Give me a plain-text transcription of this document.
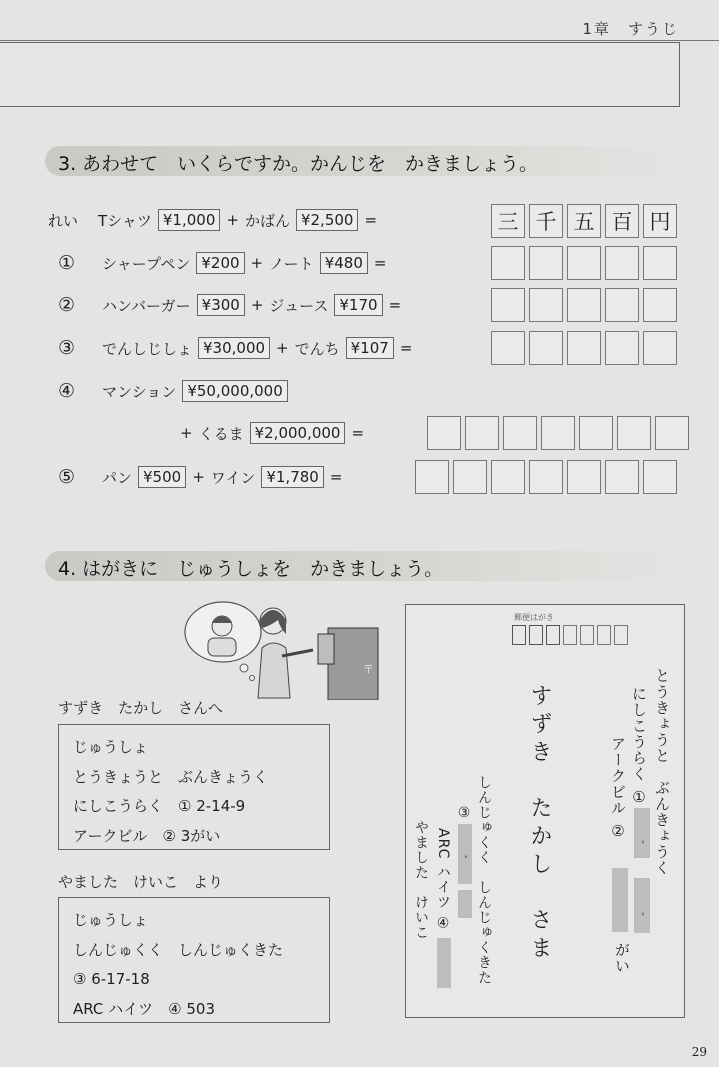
1章　すうじ
3. あわせて　いくらですか。かんじを　かきましょう。
れい	Tシャツ ¥1,000 + かばん ¥2,500 =	三 千 五 百 円
①	シャープペン ¥200 + ノート ¥480 =
②	ハンバーガー ¥300 + ジュース ¥170 =
③	でんしじしょ ¥30,000 + でんち ¥107 =
④	マンション ¥50,000,000
+ くるま ¥2,000,000 =
⑤	パン ¥500 + ワイン ¥1,780 =
4. はがきに　じゅうしょを　かきましょう。
〒
すずき　たかし　さんへ
じゅうしょ
とうきょうと　ぶんきょうく
にしこうらく　① 2-14-9
アークビル　② 3がい
やました　けいこ　より
じゅうしょ
しんじゅくく　しんじゅくきた
③ 6-17-18
ARC ハイツ　④ 503
郵便はがき
とうきょうと　ぶんきょうく
にしこうらく ①
-
-
アークビル ②
がい
すずき　たかし　さま
しんじゅくく　しんじゅくきた
③
-
ARC ハイツ ④
やました　けいこ
29
